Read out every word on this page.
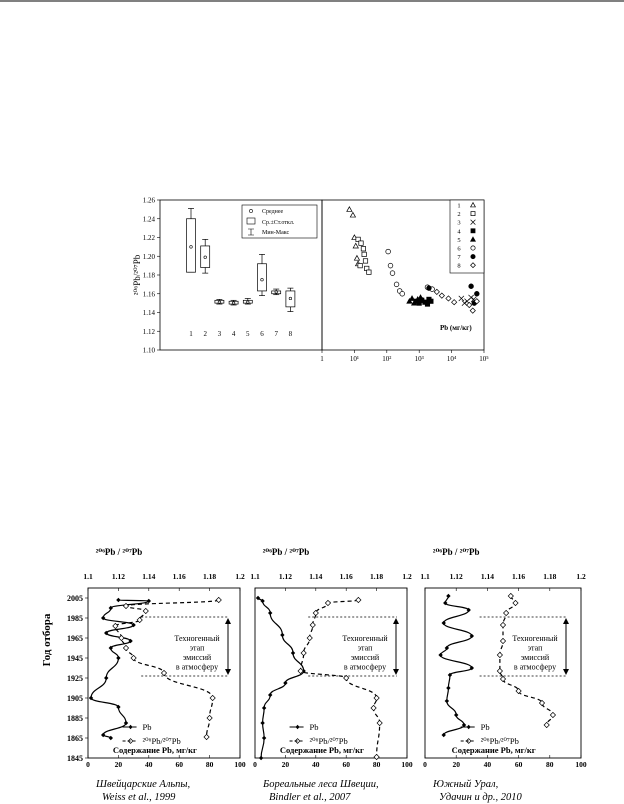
1.10
1.12
1.14
1.16
1.18
1.20
1.22
1.24
1.26
1 2 3 4 5 6 7 8
²⁰⁶Pb/²⁰⁷Pb
Среднее
Ср.±Ст.откл.
Мин-Макс
1	10¹	10²	10³	10⁴	10⁵
Pb (мг/кг)
1
2
3
4
5
6
7
8
Год отбора
²⁰⁶Pb / ²⁰⁷Pb
1.1	1.12 1.14 1.16 1.18	1.2
0	20	40	60	80	100
2005
1985
1965
1945
1925
1905
1885
1865
1845
Содержание Pb, мг/кг
Техногенный этап эмиссий в атмосферу
Pb
²⁰⁶Pb/²⁰⁷Pb
Швейцарские Альпы,
Weiss et al., 1999
²⁰⁶Pb / ²⁰⁷Pb
1.1	1.12 1.14 1.16 1.18	1.2
0	20	40	60	80	100
Содержание Pb, мг/кг
Техногенный этап эмиссий в атмосферу
Pb
²⁰⁶Pb/²⁰⁷Pb
Бореальные леса Швеции,
Bindler et al., 2007
²⁰⁶Pb / ²⁰⁷Pb
1.1	1.12 1.14 1.16 1.18	1.2
0	20	40	60	80	100
Содержание Pb, мг/кг
Техногенный этап эмиссий в атмосферу
Pb
²⁰⁶Pb/²⁰⁷Pb
Южный Урал,
Удачин и др., 2010
